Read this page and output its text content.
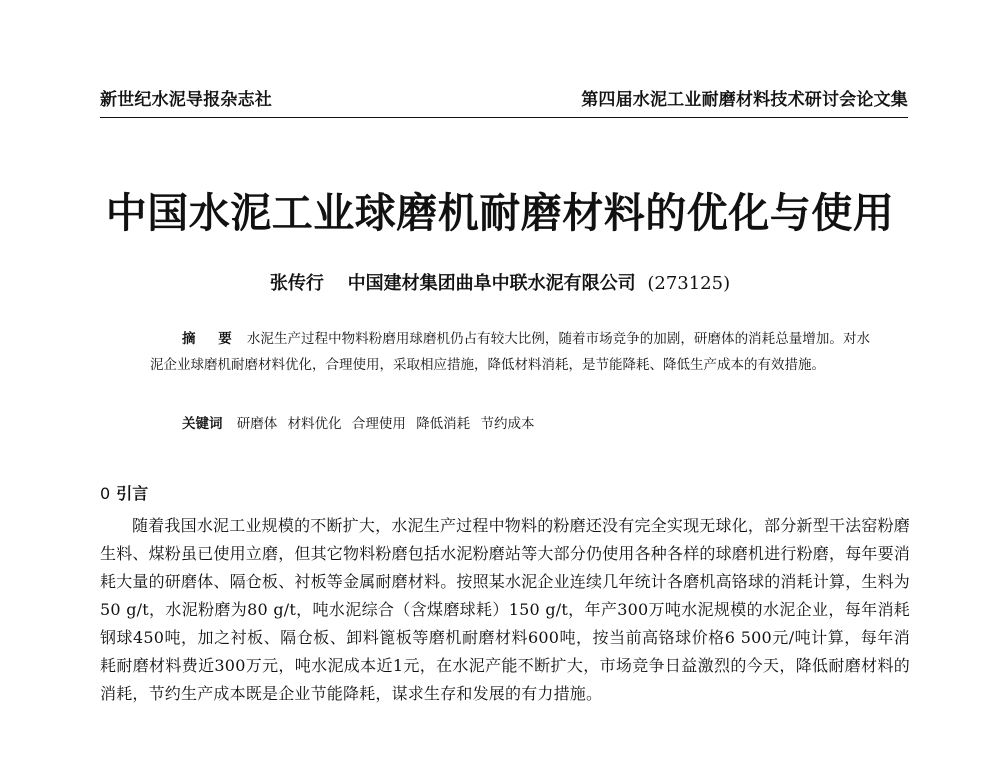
新世纪水泥导报杂志社	第四届水泥工业耐磨材料技术研讨会论文集
中国水泥工业球磨机耐磨材料的优化与使用
张传行 中国建材集团曲阜中联水泥有限公司 (273125)

摘 要 水泥生产过程中物料粉磨用球磨机仍占有较大比例，随着市场竞争的加剧，研磨体的消耗总量增加。对水泥企业球磨机耐磨材料优化，合理使用，采取相应措施，降低材料消耗，是节能降耗、降低生产成本的有效措施。

关键词 研磨体 材料优化 合理使用 降低消耗 节约成本

0 引言

随着我国水泥工业规模的不断扩大，水泥生产过程中物料的粉磨还没有完全实现无球化，部分新型干法窑粉磨生料、煤粉虽已使用立磨，但其它物料粉磨包括水泥粉磨站等大部分仍使用各种各样的球磨机进行粉磨，每年要消耗大量的研磨体、隔仓板、衬板等金属耐磨材料。按照某水泥企业连续几年统计各磨机高铬球的消耗计算，生料为50 g/t，水泥粉磨为80 g/t，吨水泥综合（含煤磨球耗）150 g/t，年产300万吨水泥规模的水泥企业，每年消耗钢球450吨，加之衬板、隔仓板、卸料篦板等磨机耐磨材料600吨，按当前高铬球价格6 500元/吨计算，每年消耗耐磨材料费近300万元，吨水泥成本近1元，在水泥产能不断扩大，市场竞争日益激烈的今天，降低耐磨材料的消耗，节约生产成本既是企业节能降耗，谋求生存和发展的有力措施。
